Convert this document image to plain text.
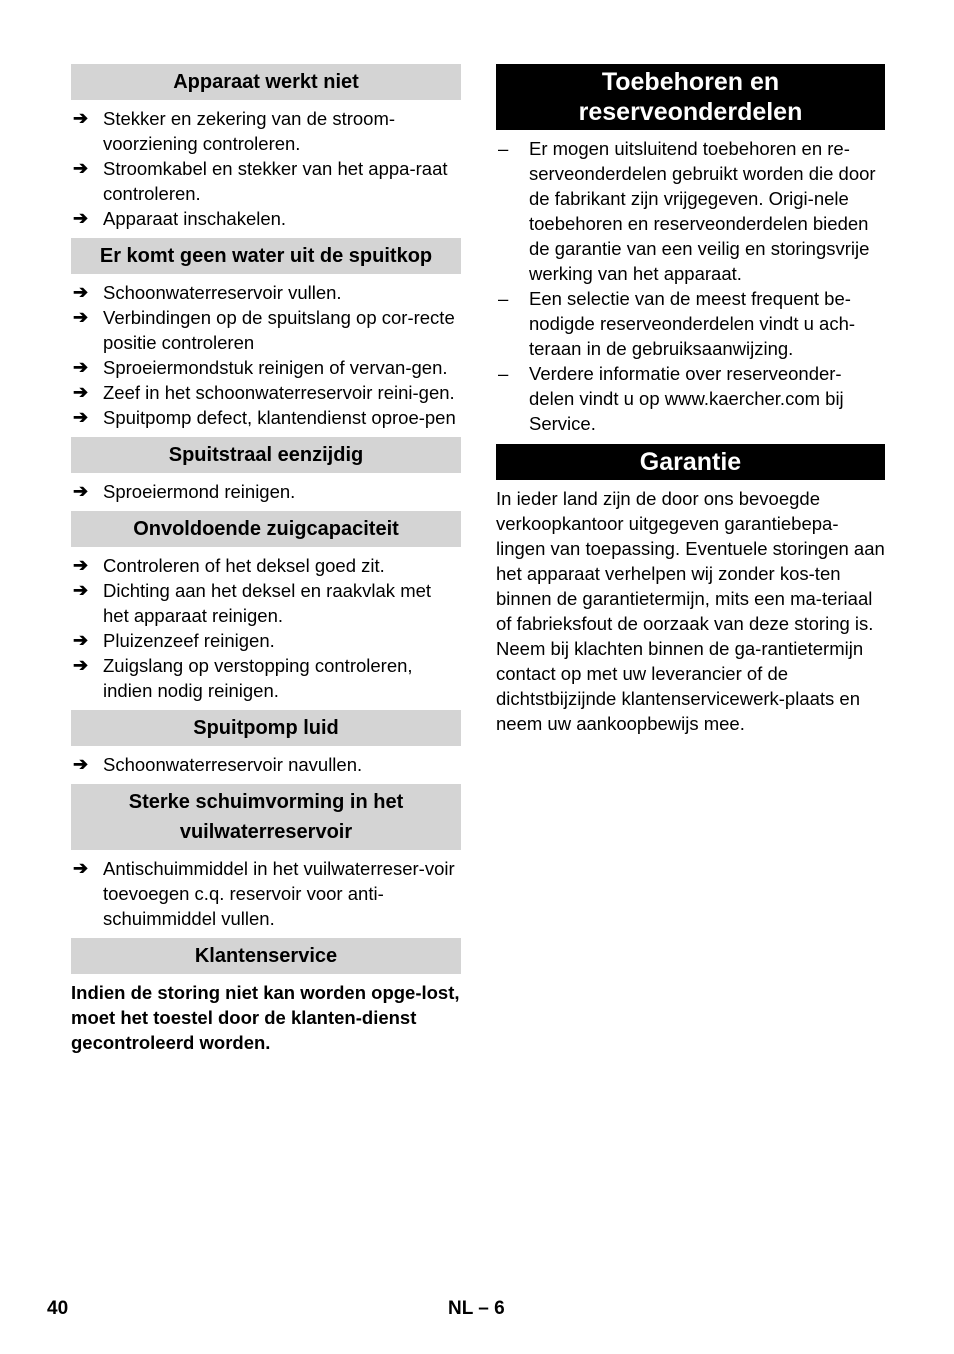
Apparaat werkt niet
➔ Stekker en zekering van de stroom-voorziening controleren.
➔ Stroomkabel en stekker van het appa-raat controleren.
➔ Apparaat inschakelen.
Er komt geen water uit de spuitkop
➔ Schoonwaterreservoir vullen.
➔ Verbindingen op de spuitslang op cor-recte positie controleren
➔ Sproeiermondstuk reinigen of vervan-gen.
➔ Zeef in het schoonwaterreservoir reini-gen.
➔ Spuitpomp defect, klantendienst oproe-pen
Spuitstraal eenzijdig
➔ Sproeiermond reinigen.
Onvoldoende zuigcapaciteit
➔ Controleren of het deksel goed zit.
➔ Dichting aan het deksel en raakvlak met het apparaat reinigen.
➔ Pluizenzeef reinigen.
➔ Zuigslang op verstopping controleren, indien nodig reinigen.
Spuitpomp luid
➔ Schoonwaterreservoir navullen.
Sterke schuimvorming in het vuilwaterreservoir
➔ Antischuimmiddel in het vuilwaterreser-voir toevoegen c.q. reservoir voor anti-schuimmiddel vullen.
Klantenservice

Indien de storing niet kan worden opge-lost, moet het toestel door de klanten-dienst gecontroleerd worden.

Toebehoren en reserveonderdelen
– Er mogen uitsluitend toebehoren en re-serveonderdelen gebruikt worden die door de fabrikant zijn vrijgegeven. Origi-nele toebehoren en reserveonderdelen bieden de garantie van een veilig en storingsvrije werking van het apparaat.
– Een selectie van de meest frequent be-nodigde reserveonderdelen vindt u ach-teraan in de gebruiksaanwijzing.
– Verdere informatie over reserveonder-delen vindt u op www.kaercher.com bij Service.
Garantie

In ieder land zijn de door ons bevoegde verkoopkantoor uitgegeven garantiebepa-lingen van toepassing. Eventuele storingen aan het apparaat verhelpen wij zonder kos-ten binnen de garantietermijn, mits een ma-teriaal of fabrieksfout de oorzaak van deze storing is. Neem bij klachten binnen de ga-rantietermijn contact op met uw leverancier of de dichtstbijzijnde klantenservicewerk-plaats en neem uw aankoopbewijs mee.

40	NL – 6
